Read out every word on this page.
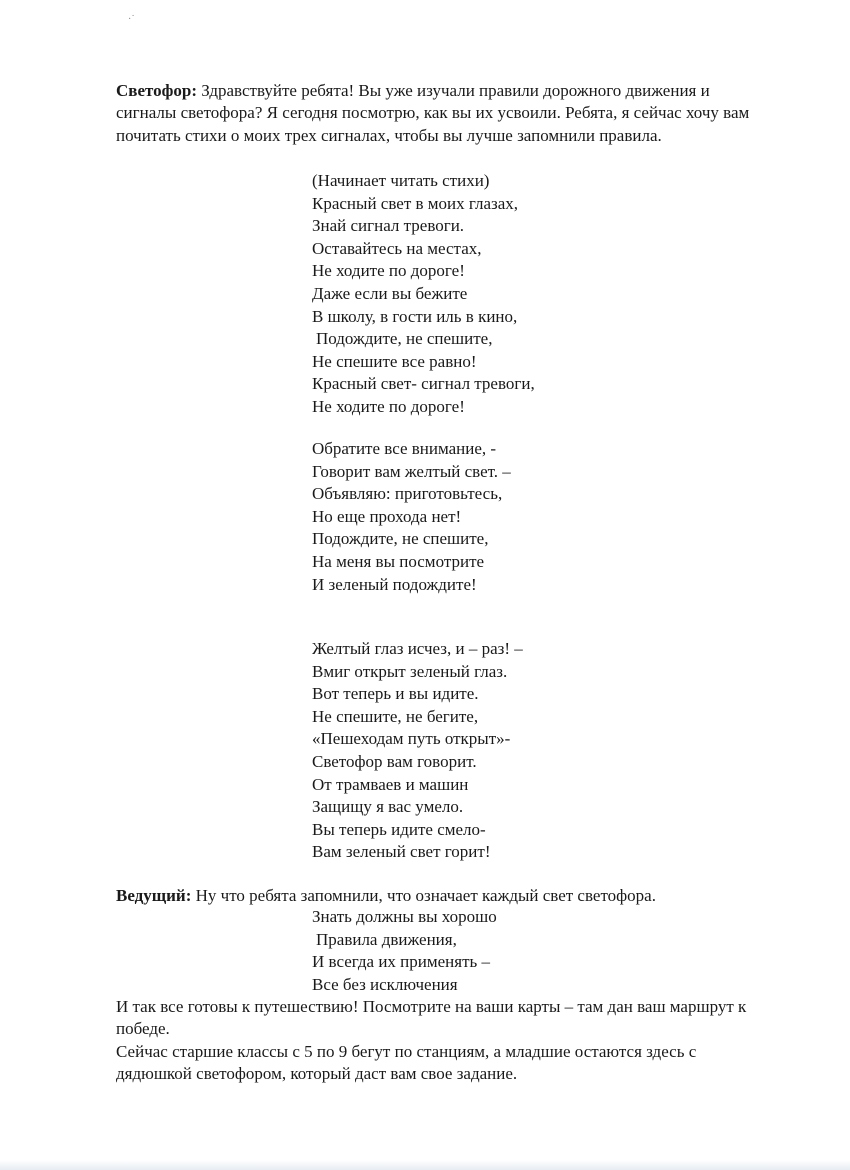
·˙

Светофор: Здравствуйте ребята! Вы уже изучали правили дорожного движения и сигналы светофора? Я сегодня посмотрю, как вы их усвоили. Ребята, я сейчас хочу вам почитать стихи о моих трех сигналах, чтобы вы лучше запомнили правила.

(Начинает читать стихи)
Красный свет в моих глазах,
Знай сигнал тревоги.
Оставайтесь на местах,
Не ходите по дороге!
Даже если вы бежите
В школу, в гости иль в кино,
Подождите, не спешите,
Не спешите все равно!
Красный свет- сигнал тревоги,
Не ходите по дороге!
Обратите все внимание, -
Говорит вам желтый свет. –
Объявляю: приготовьтесь,
Но еще прохода нет!
Подождите, не спешите,
На меня вы посмотрите
И зеленый подождите!
Желтый глаз исчез, и – раз! –
Вмиг открыт зеленый глаз.
Вот теперь и вы идите.
Не спешите, не бегите,
«Пешеходам путь открыт»-
Светофор вам говорит.
От трамваев и машин
Защищу я вас умело.
Вы теперь идите смело-
Вам зеленый свет горит!

Ведущий: Ну что ребята запомнили, что означает каждый свет светофора.

Знать должны вы хорошо
Правила движения,
И всегда их применять –
Все без исключения

И так все готовы к путешествию! Посмотрите на ваши карты – там дан ваш маршрут к победе.

Сейчас старшие классы с 5 по 9 бегут по станциям, а младшие остаются здесь с дядюшкой светофором, который даст вам свое задание.
